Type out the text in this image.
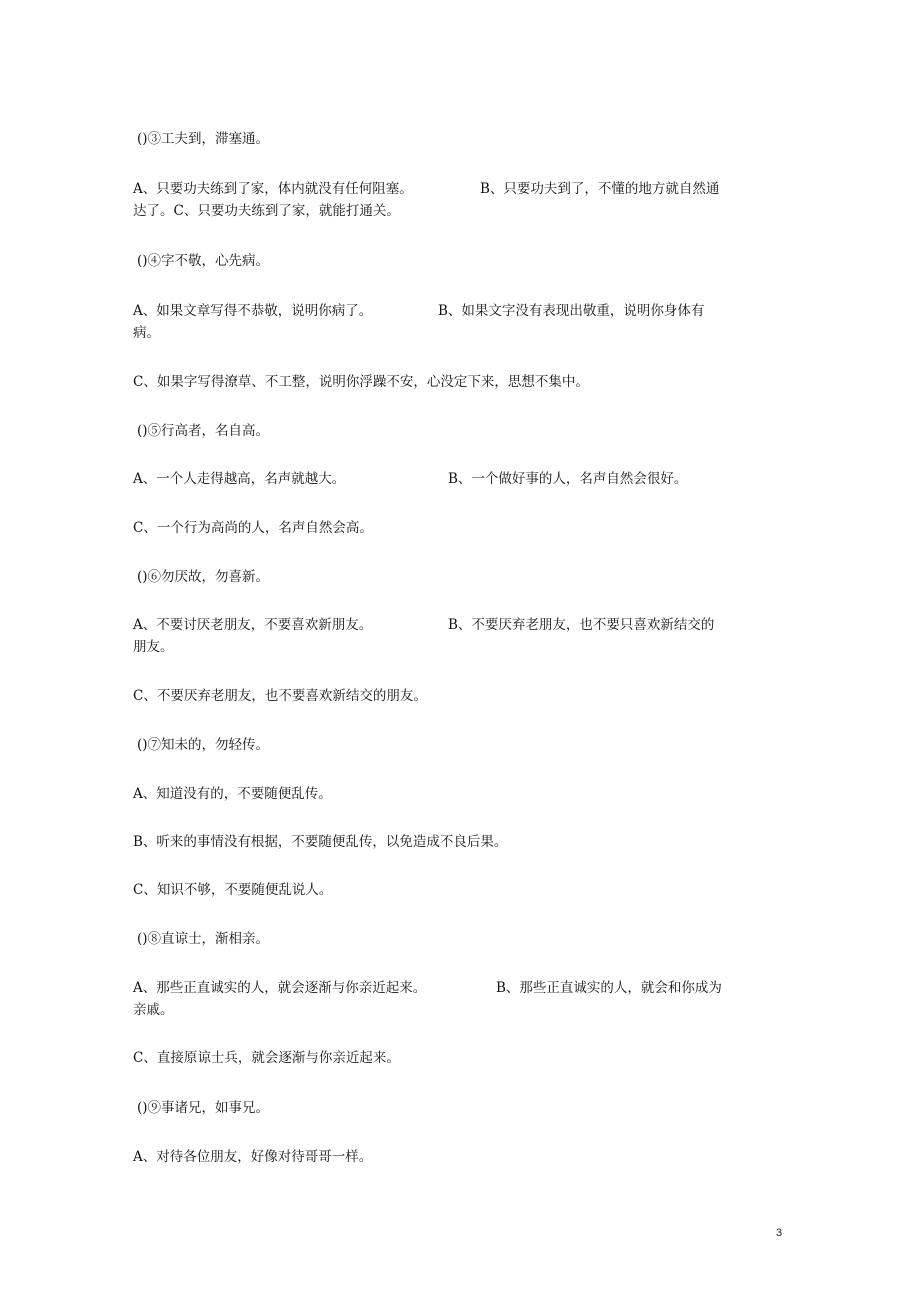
()③工夫到，滞塞通。
A、只要功夫练到了家，体内就没有任何阻塞。	B、只要功夫到了，不懂的地方就自然通
达了。C、只要功夫练到了家，就能打通关。
()④字不敬，心先病。
A、如果文章写得不恭敬，说明你病了。	B、如果文字没有表现出敬重，说明你身体有
病。
C、如果字写得潦草、不工整，说明你浮躁不安，心没定下来，思想不集中。
()⑤行高者，名自高。
A、一个人走得越高，名声就越大。	B、一个做好事的人，名声自然会很好。
C、一个行为高尚的人，名声自然会高。
()⑥勿厌故，勿喜新。
A、不要讨厌老朋友，不要喜欢新朋友。	B、不要厌弃老朋友，也不要只喜欢新结交的
朋友。
C、不要厌弃老朋友，也不要喜欢新结交的朋友。
()⑦知未的，勿轻传。
A、知道没有的，不要随便乱传。
B、听来的事情没有根据，不要随便乱传，以免造成不良后果。
C、知识不够，不要随便乱说人。
()⑧直谅士，渐相亲。
A、那些正直诚实的人，就会逐渐与你亲近起来。	B、那些正直诚实的人，就会和你成为
亲戚。
C、直接原谅士兵，就会逐渐与你亲近起来。
()⑨事诸兄，如事兄。
A、对待各位朋友，好像对待哥哥一样。
3
